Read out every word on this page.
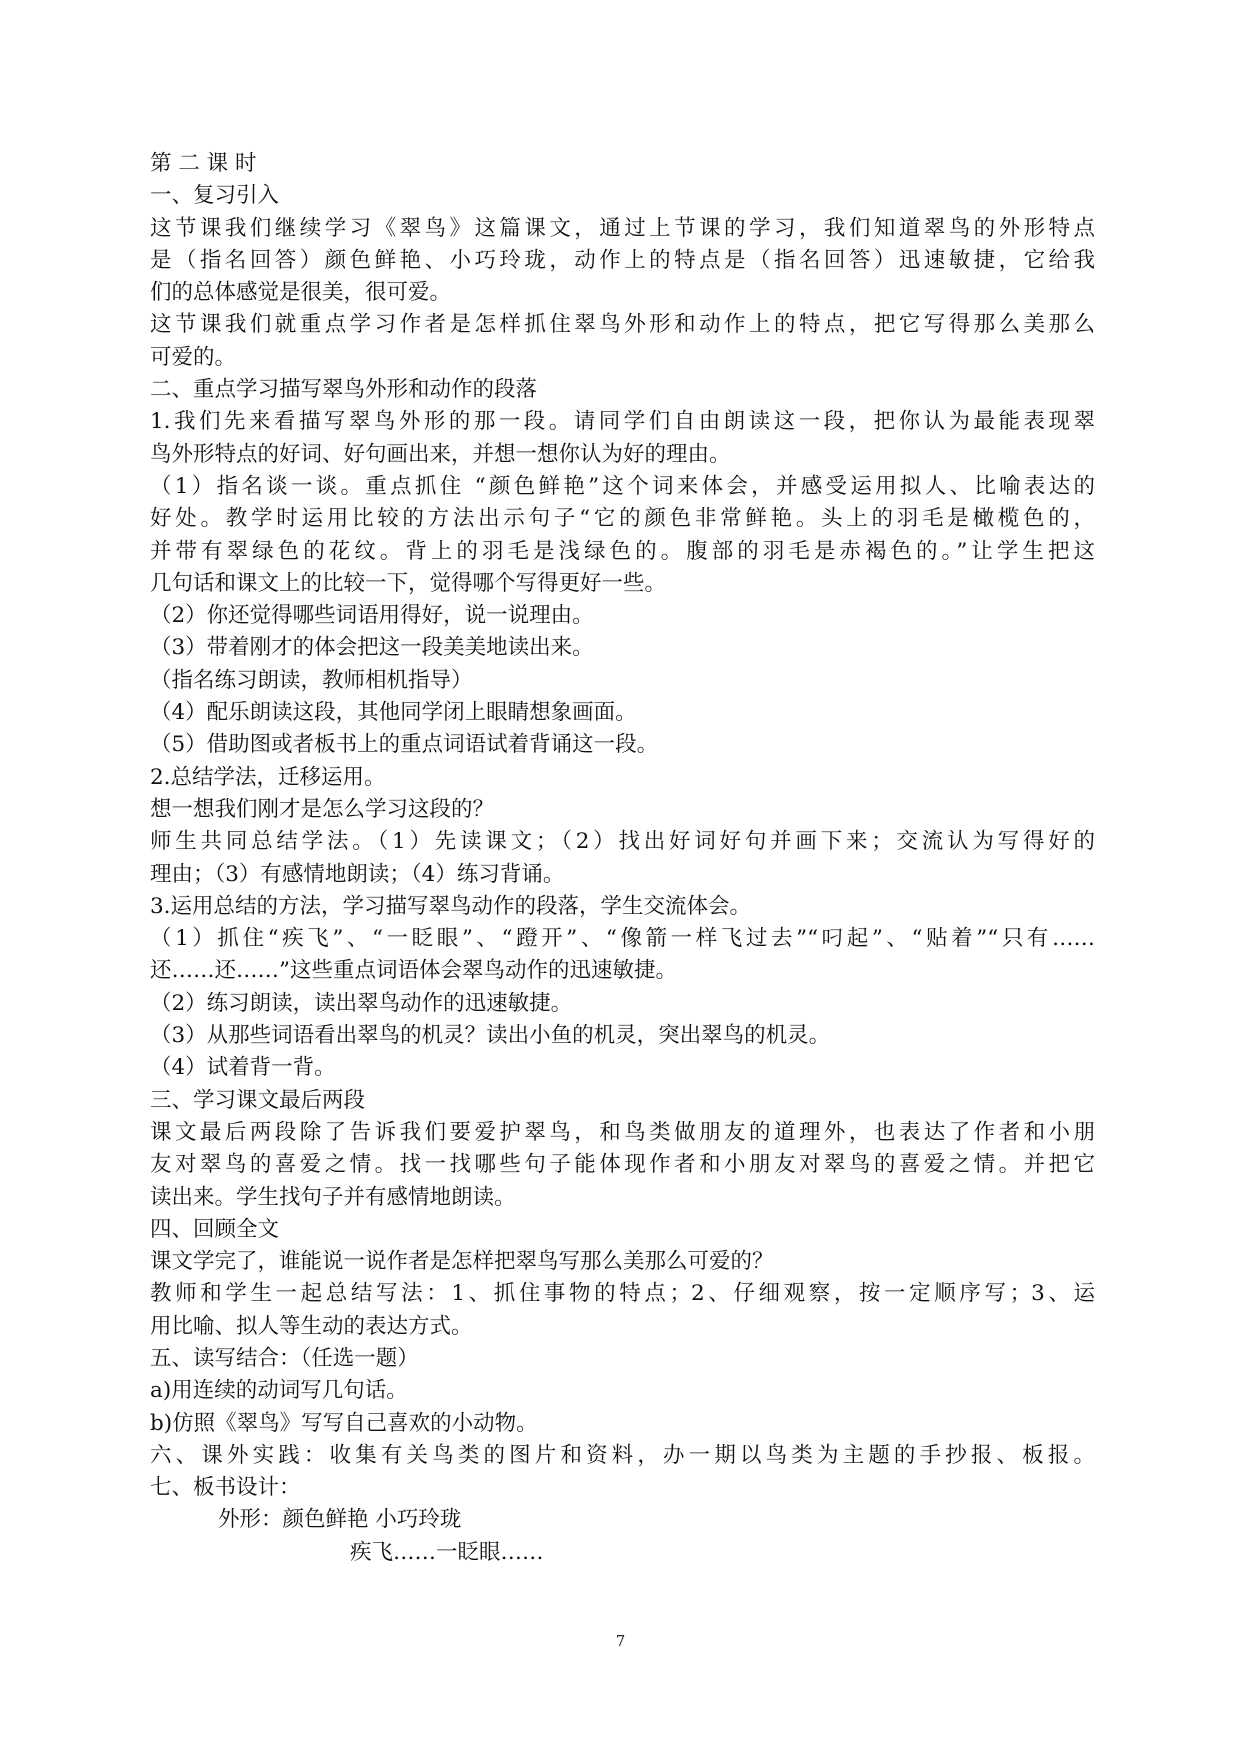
第 二 课 时
一、复习引入
这节课我们继续学习《翠鸟》这篇课文，通过上节课的学习，我们知道翠鸟的外形特点
是（指名回答）颜色鲜艳、小巧玲珑，动作上的特点是（指名回答）迅速敏捷，它给我
们的总体感觉是很美，很可爱。
这节课我们就重点学习作者是怎样抓住翠鸟外形和动作上的特点，把它写得那么美那么
可爱的。
二、重点学习描写翠鸟外形和动作的段落
1.我们先来看描写翠鸟外形的那一段。请同学们自由朗读这一段，把你认为最能表现翠
鸟外形特点的好词、好句画出来，并想一想你认为好的理由。
（1）指名谈一谈。重点抓住 “颜色鲜艳”这个词来体会，并感受运用拟人、比喻表达的
好处。教学时运用比较的方法出示句子“它的颜色非常鲜艳。头上的羽毛是橄榄色的，
并带有翠绿色的花纹。背上的羽毛是浅绿色的。腹部的羽毛是赤褐色的。”让学生把这
几句话和课文上的比较一下，觉得哪个写得更好一些。
（2）你还觉得哪些词语用得好，说一说理由。
（3）带着刚才的体会把这一段美美地读出来。
（指名练习朗读，教师相机指导）
（4）配乐朗读这段，其他同学闭上眼睛想象画面。
（5）借助图或者板书上的重点词语试着背诵这一段。
2.总结学法，迁移运用。
想一想我们刚才是怎么学习这段的？
师生共同总结学法。（1）先读课文；（2）找出好词好句并画下来；交流认为写得好的
理由；（3）有感情地朗读；（4）练习背诵。
3.运用总结的方法，学习描写翠鸟动作的段落，学生交流体会。
（1）抓住“疾飞”、“一眨眼”、“蹬开”、“像箭一样飞过去”“叼起”、“贴着”“只有……
还……还……”这些重点词语体会翠鸟动作的迅速敏捷。
（2）练习朗读，读出翠鸟动作的迅速敏捷。
（3）从那些词语看出翠鸟的机灵？读出小鱼的机灵，突出翠鸟的机灵。
（4）试着背一背。
三、学习课文最后两段
课文最后两段除了告诉我们要爱护翠鸟，和鸟类做朋友的道理外，也表达了作者和小朋
友对翠鸟的喜爱之情。找一找哪些句子能体现作者和小朋友对翠鸟的喜爱之情。并把它
读出来。学生找句子并有感情地朗读。
四、回顾全文
课文学完了，谁能说一说作者是怎样把翠鸟写那么美那么可爱的？
教师和学生一起总结写法：1、抓住事物的特点；2、仔细观察，按一定顺序写；3、运
用比喻、拟人等生动的表达方式。
五、读写结合：（任选一题）
a)用连续的动词写几句话。
b)仿照《翠鸟》写写自己喜欢的小动物。
六、课外实践：收集有关鸟类的图片和资料，办一期以鸟类为主题的手抄报、板报。
七、板书设计：
外形：颜色鲜艳 小巧玲珑
疾飞……一眨眼……
7
